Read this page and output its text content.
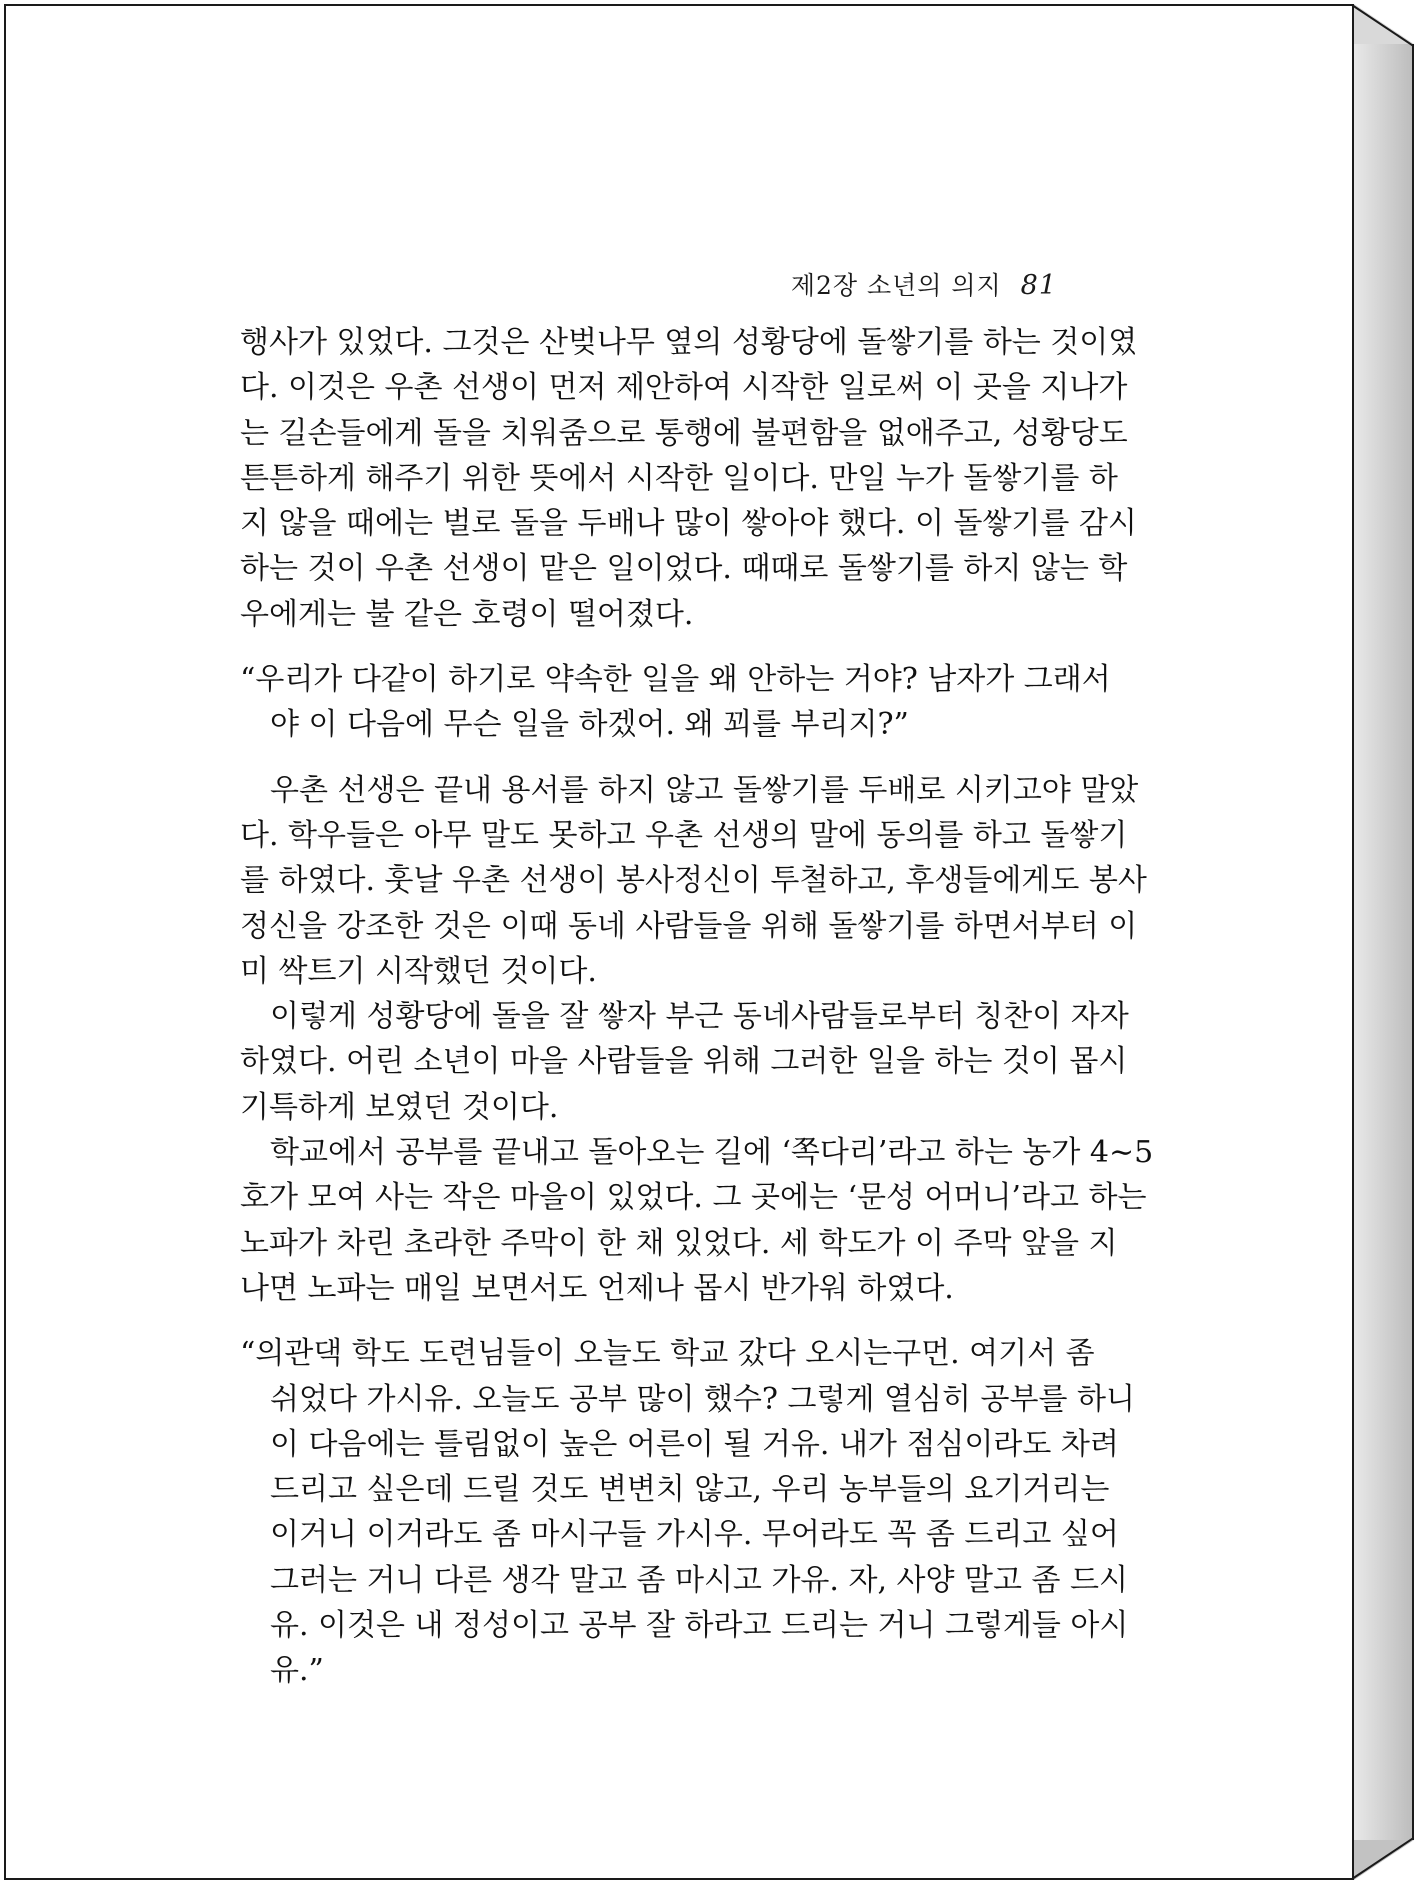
제2장 소년의 의지 81
행사가 있었다. 그것은 산벚나무 옆의 성황당에 돌쌓기를 하는 것이였
다. 이것은 우촌 선생이 먼저 제안하여 시작한 일로써 이 곳을 지나가
는 길손들에게 돌을 치워줌으로 통행에 불편함을 없애주고, 성황당도
튼튼하게 해주기 위한 뜻에서 시작한 일이다. 만일 누가 돌쌓기를 하
지 않을 때에는 벌로 돌을 두배나 많이 쌓아야 했다. 이 돌쌓기를 감시
하는 것이 우촌 선생이 맡은 일이었다. 때때로 돌쌓기를 하지 않는 학
우에게는 불 같은 호령이 떨어졌다.
“우리가 다같이 하기로 약속한 일을 왜 안하는 거야? 남자가 그래서
야 이 다음에 무슨 일을 하겠어. 왜 꾀를 부리지?”
우촌 선생은 끝내 용서를 하지 않고 돌쌓기를 두배로 시키고야 말았
다. 학우들은 아무 말도 못하고 우촌 선생의 말에 동의를 하고 돌쌓기
를 하였다. 훗날 우촌 선생이 봉사정신이 투철하고, 후생들에게도 봉사
정신을 강조한 것은 이때 동네 사람들을 위해 돌쌓기를 하면서부터 이
미 싹트기 시작했던 것이다.
이렇게 성황당에 돌을 잘 쌓자 부근 동네사람들로부터 칭찬이 자자
하였다. 어린 소년이 마을 사람들을 위해 그러한 일을 하는 것이 몹시
기특하게 보였던 것이다.
학교에서 공부를 끝내고 돌아오는 길에 ‘쪽다리’라고 하는 농가 4∼5
호가 모여 사는 작은 마을이 있었다. 그 곳에는 ‘문성 어머니’라고 하는
노파가 차린 초라한 주막이 한 채 있었다. 세 학도가 이 주막 앞을 지
나면 노파는 매일 보면서도 언제나 몹시 반가워 하였다.
“의관댁 학도 도련님들이 오늘도 학교 갔다 오시는구먼. 여기서 좀
쉬었다 가시유. 오늘도 공부 많이 했수? 그렇게 열심히 공부를 하니
이 다음에는 틀림없이 높은 어른이 될 거유. 내가 점심이라도 차려
드리고 싶은데 드릴 것도 변변치 않고, 우리 농부들의 요기거리는
이거니 이거라도 좀 마시구들 가시우. 무어라도 꼭 좀 드리고 싶어
그러는 거니 다른 생각 말고 좀 마시고 가유. 자, 사양 말고 좀 드시
유. 이것은 내 정성이고 공부 잘 하라고 드리는 거니 그렇게들 아시
유.”
